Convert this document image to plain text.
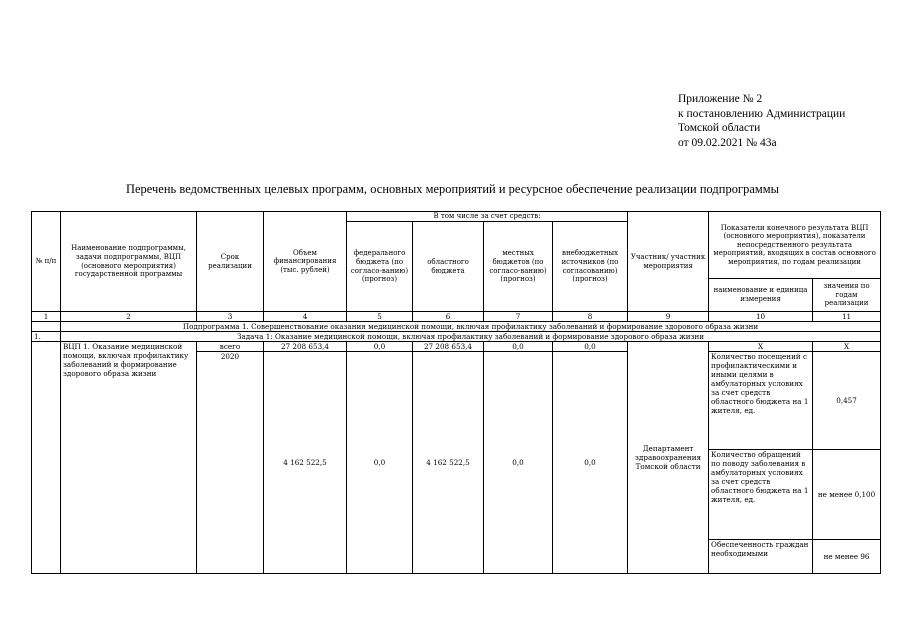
Приложение № 2
к постановлению Администрации
Томской области
от 09.02.2021 № 43а
Перечень ведомственных целевых программ, основных мероприятий и ресурсное обеспечение реализации подпрограммы
№ п/п	Наименование подпрограммы, задачи подпрограммы, ВЦП (основного мероприятия) государственной программы	Срок реализации	Объем финансирования (тыс. рублей)	В том числе за счет средств:				Участник/ участник мероприятия	Показатели конечного результата ВЦП (основного мероприятия), показатели непосредственного результата мероприятий, входящих в состав основного мероприятия, по годам реализации	
				федерального бюджета (по согласо-ванию) (прогноз)	областного бюджета	местных бюджетов (по согласо-ванию) (прогноз)	внебюджетных источников (по согласованию) (прогноз)			
									наименование и единица измерения	значения по годам реализации
1	2	3	4	5	6	7	8	9	10	11
	Подпрограмма 1. Совершенствование оказания медицинской помощи, включая профилактику заболеваний и формирование здорового образа жизни									
1.	Задача 1: Оказание медицинской помощи, включая профилактику заболеваний и формирование здорового образа жизни									
	ВЦП 1. Оказание медицинской помощи, включая профилактику заболеваний и формирование здорового образа жизни	всего	27 208 653,4	0,0	27 208 653,4	0,0	0,0	Департамент здравоохранения Томской области	Х	Х
		2020	4 162 522,5	0,0	4 162 522,5	0,0	0,0		Количество посещений с профилактическими и иными целями в амбулаторных условиях за счет средств областного бюджета на 1 жителя, ед.	0,457
									Количество обращений по поводу заболевания в амбулаторных условиях за счет средств областного бюджета на 1 жителя, ед.	не менее 0,100
									Обеспеченность граждан необходимыми	не менее 96
